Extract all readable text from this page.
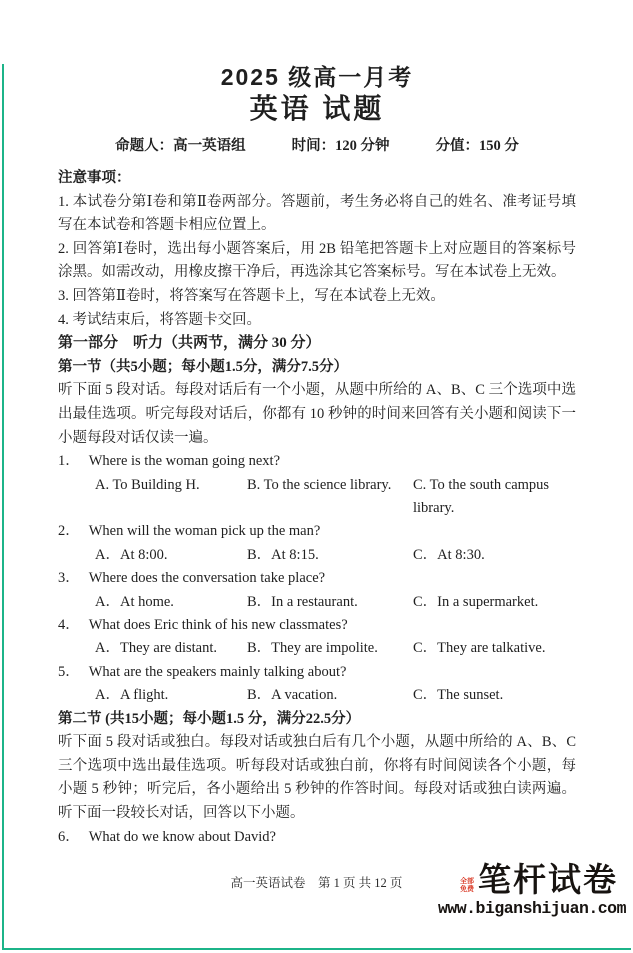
2025 级高一月考
英语 试题
命题人：高一英语组	时间：120 分钟	分值：150 分
注意事项：

1. 本试卷分第Ⅰ卷和第Ⅱ卷两部分。答题前，考生务必将自己的姓名、准考证号填写在本试卷和答题卡相应位置上。

2. 回答第Ⅰ卷时，选出每小题答案后，用 2B 铅笔把答题卡上对应题目的答案标号涂黑。如需改动，用橡皮擦干净后，再选涂其它答案标号。写在本试卷上无效。

3. 回答第Ⅱ卷时，将答案写在答题卡上，写在本试卷上无效。

4. 考试结束后，将答题卡交回。

第一部分　听力（共两节，满分 30 分）
第一节（共5小题；每小题1.5分，满分7.5分）

听下面 5 段对话。每段对话后有一个小题，从题中所给的 A、B、C 三个选项中选出最佳选项。听完每段对话后，你都有 10 秒钟的时间来回答有关小题和阅读下一小题每段对话仅读一遍。

1． Where is the woman going next?
A. To Building H.	B. To the science library.	C. To the south campus library.
2． When will the woman pick up the man?
A．At 8:00.	B．At 8:15.	C．At 8:30.
3． Where does the conversation take place?
A．At home.	B．In a restaurant.	C．In a supermarket.
4． What does Eric think of his new classmates?
A．They are distant.	B．They are impolite.	C．They are talkative.
5． What are the speakers mainly talking about?
A．A flight.	B．A vacation.	C．The sunset.
第二节 (共15小题；每小题1.5 分，满分22.5分）

听下面 5 段对话或独白。每段对话或独白后有几个小题，从题中所给的 A、B、C 三个选项中选出最佳选项。听每段对话或独白前，你将有时间阅读各个小题，每小题 5 秒钟；听完后，各小题给出 5 秒钟的作答时间。每段对话或独白读两遍。听下面一段较长对话，回答以下小题。

6． What do we know about David?
高一英语试卷　第 1 页 共 12 页	全部免费 笔杆试卷
www.biganshijuan.com
